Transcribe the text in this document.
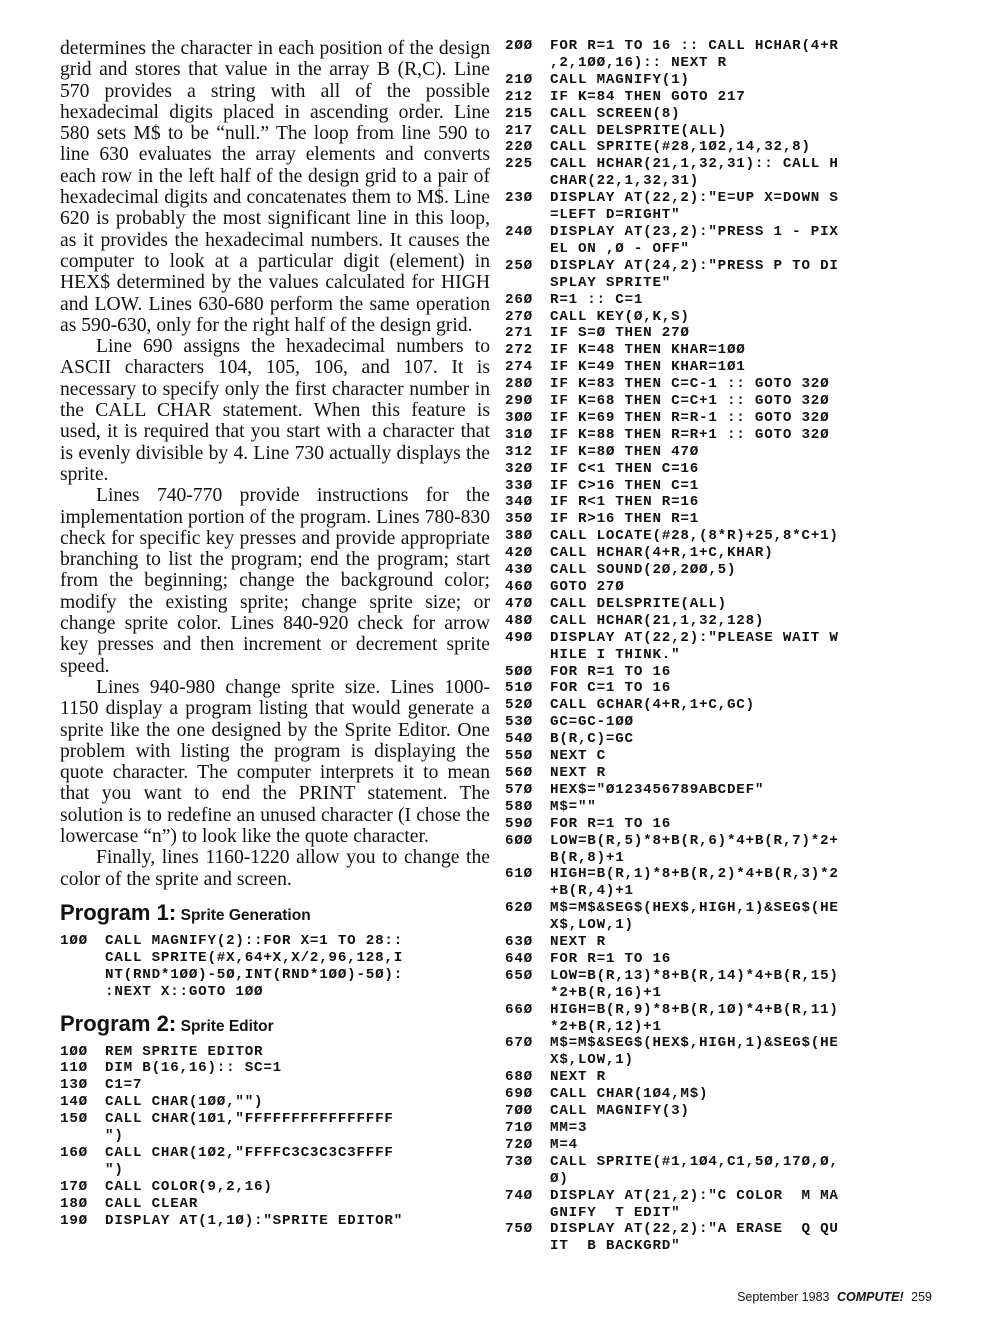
determines the character in each position of the design grid and stores that value in the array B (R,C). Line 570 provides a string with all of the possible hexadecimal digits placed in ascending order. Line 580 sets M$ to be “null.” The loop from line 590 to line 630 evaluates the array elements and converts each row in the left half of the design grid to a pair of hexadecimal digits and concatenates them to M$. Line 620 is probably the most significant line in this loop, as it provides the hexadecimal numbers. It causes the computer to look at a particular digit (element) in HEX$ determined by the values calculated for HIGH and LOW. Lines 630-680 perform the same operation as 590-630, only for the right half of the design grid.

Line 690 assigns the hexadecimal numbers to ASCII characters 104, 105, 106, and 107. It is necessary to specify only the first character number in the CALL CHAR statement. When this feature is used, it is required that you start with a character that is evenly divisible by 4. Line 730 actually displays the sprite.

Lines 740-770 provide instructions for the implementation portion of the program. Lines 780-830 check for specific key presses and provide appropriate branching to list the program; end the program; start from the beginning; change the background color; modify the existing sprite; change sprite size; or change sprite color. Lines 840-920 check for arrow key presses and then increment or decrement sprite speed.

Lines 940-980 change sprite size. Lines 1000-1150 display a program listing that would generate a sprite like the one designed by the Sprite Editor. One problem with listing the program is displaying the quote character. The computer interprets it to mean that you want to end the PRINT statement. The solution is to redefine an unused character (I chose the lowercase “n”) to look like the quote character.

Finally, lines 1160-1220 allow you to change the color of the sprite and screen.

Program 1: Sprite Generation
1ØØ CALL MAGNIFY(2)::FOR X=1 TO 28::
CALL SPRITE(#X,64+X,X/2,96,128,I
NT(RND*1ØØ)-5Ø,INT(RND*1ØØ)-5Ø):
:NEXT X::GOTO 1ØØ
Program 2: Sprite Editor
1ØØ REM SPRITE EDITOR
11Ø DIM B(16,16):: SC=1
13Ø C1=7
14Ø CALL CHAR(1ØØ,"")
15Ø CALL CHAR(1Ø1,"FFFFFFFFFFFFFFFF
")
16Ø CALL CHAR(1Ø2,"FFFFC3C3C3C3FFFF
")
17Ø CALL COLOR(9,2,16)
18Ø CALL CLEAR
19Ø DISPLAY AT(1,1Ø):"SPRITE EDITOR"
2ØØ FOR R=1 TO 16 :: CALL HCHAR(4+R
,2,1ØØ,16):: NEXT R
21Ø CALL MAGNIFY(1)
212 IF K=84 THEN GOTO 217
215 CALL SCREEN(8)
217 CALL DELSPRITE(ALL)
22Ø CALL SPRITE(#28,1Ø2,14,32,8)
225 CALL HCHAR(21,1,32,31):: CALL H
CHAR(22,1,32,31)
23Ø DISPLAY AT(22,2):"E=UP X=DOWN S
=LEFT D=RIGHT"
24Ø DISPLAY AT(23,2):"PRESS 1 - PIX
EL ON ,Ø - OFF"
25Ø DISPLAY AT(24,2):"PRESS P TO DI
SPLAY SPRITE"
26Ø R=1 :: C=1
27Ø CALL KEY(Ø,K,S)
271 IF S=Ø THEN 27Ø
272 IF K=48 THEN KHAR=1ØØ
274 IF K=49 THEN KHAR=1Ø1
28Ø IF K=83 THEN C=C-1 :: GOTO 32Ø
29Ø IF K=68 THEN C=C+1 :: GOTO 32Ø
3ØØ IF K=69 THEN R=R-1 :: GOTO 32Ø
31Ø IF K=88 THEN R=R+1 :: GOTO 32Ø
312 IF K=8Ø THEN 47Ø
32Ø IF C<1 THEN C=16
33Ø IF C>16 THEN C=1
34Ø IF R<1 THEN R=16
35Ø IF R>16 THEN R=1
38Ø CALL LOCATE(#28,(8*R)+25,8*C+1)
42Ø CALL HCHAR(4+R,1+C,KHAR)
43Ø CALL SOUND(2Ø,2ØØ,5)
46Ø GOTO 27Ø
47Ø CALL DELSPRITE(ALL)
48Ø CALL HCHAR(21,1,32,128)
49Ø DISPLAY AT(22,2):"PLEASE WAIT W
HILE I THINK."
5ØØ FOR R=1 TO 16
51Ø FOR C=1 TO 16
52Ø CALL GCHAR(4+R,1+C,GC)
53Ø GC=GC-1ØØ
54Ø B(R,C)=GC
55Ø NEXT C
56Ø NEXT R
57Ø HEX$="Ø123456789ABCDEF"
58Ø M$=""
59Ø FOR R=1 TO 16
6ØØ LOW=B(R,5)*8+B(R,6)*4+B(R,7)*2+
B(R,8)+1
61Ø HIGH=B(R,1)*8+B(R,2)*4+B(R,3)*2
+B(R,4)+1
62Ø M$=M$&SEG$(HEX$,HIGH,1)&SEG$(HE
X$,LOW,1)
63Ø NEXT R
64Ø FOR R=1 TO 16
65Ø LOW=B(R,13)*8+B(R,14)*4+B(R,15)
*2+B(R,16)+1
66Ø HIGH=B(R,9)*8+B(R,1Ø)*4+B(R,11)
*2+B(R,12)+1
67Ø M$=M$&SEG$(HEX$,HIGH,1)&SEG$(HE
X$,LOW,1)
68Ø NEXT R
69Ø CALL CHAR(1Ø4,M$)
7ØØ CALL MAGNIFY(3)
71Ø MM=3
72Ø M=4
73Ø CALL SPRITE(#1,1Ø4,C1,5Ø,17Ø,Ø,
Ø)
74Ø DISPLAY AT(21,2):"C COLOR  M MA
GNIFY  T EDIT"
75Ø DISPLAY AT(22,2):"A ERASE  Q QU
IT  B BACKGRD"
September 1983 COMPUTE! 259
